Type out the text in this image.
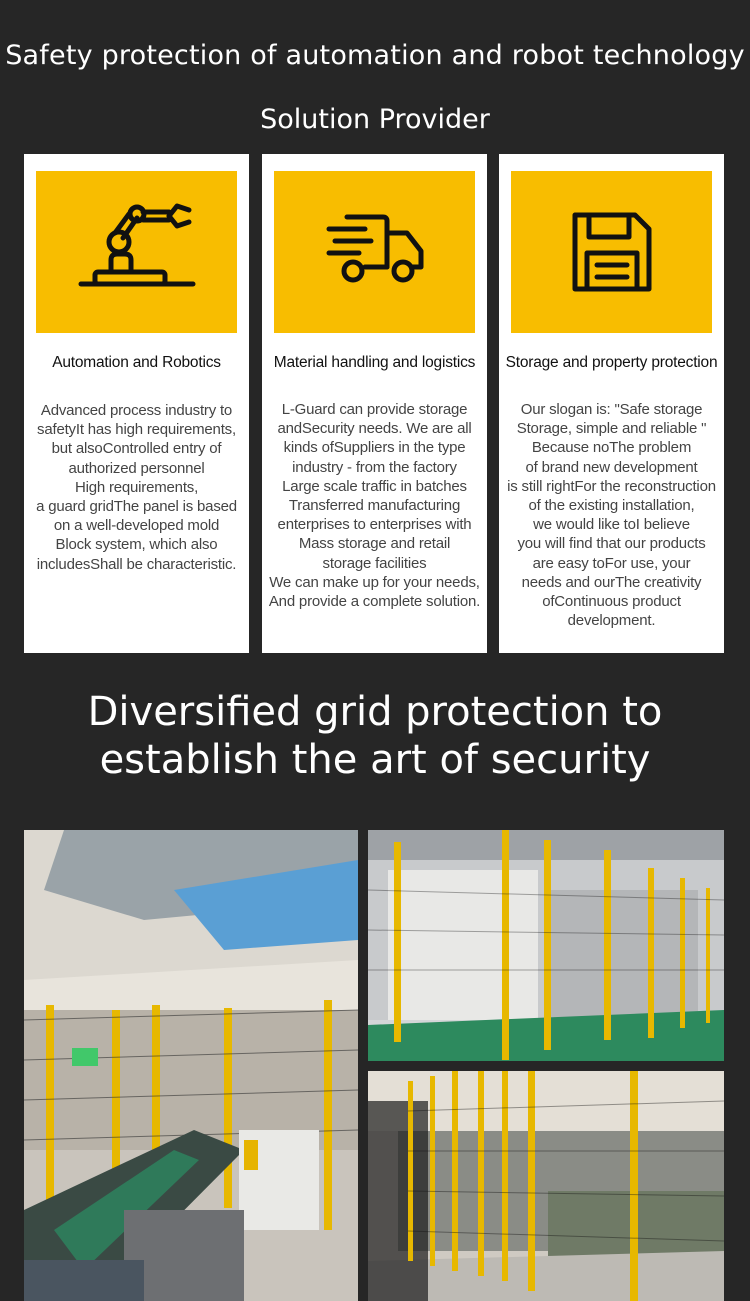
Safety protection of automation and robot technology
Solution Provider
Automation and Robotics
Advanced process industry to
safetyIt has high requirements,
but alsoControlled entry of
authorized personnel
High requirements,
a guard gridThe panel is based
on a well-developed mold
Block system, which also
includesShall be characteristic.
Material handling and logistics
L-Guard can provide storage
andSecurity needs. We are all
kinds ofSuppliers in the type
industry - from the factory
Large scale traffic in batches
Transferred manufacturing
enterprises to enterprises with
Mass storage and retail
storage facilities
We can make up for your needs,
And provide a complete solution.
Storage and property protection
Our slogan is: "Safe storage
Storage, simple and reliable "
Because noThe problem
of brand new development
is still rightFor the reconstruction
of the existing installation,
we would like toI believe
you will find that our products
are easy toFor use, your
needs and ourThe creativity
ofContinuous product
development.
Diversified grid protection to
establish the art of security
